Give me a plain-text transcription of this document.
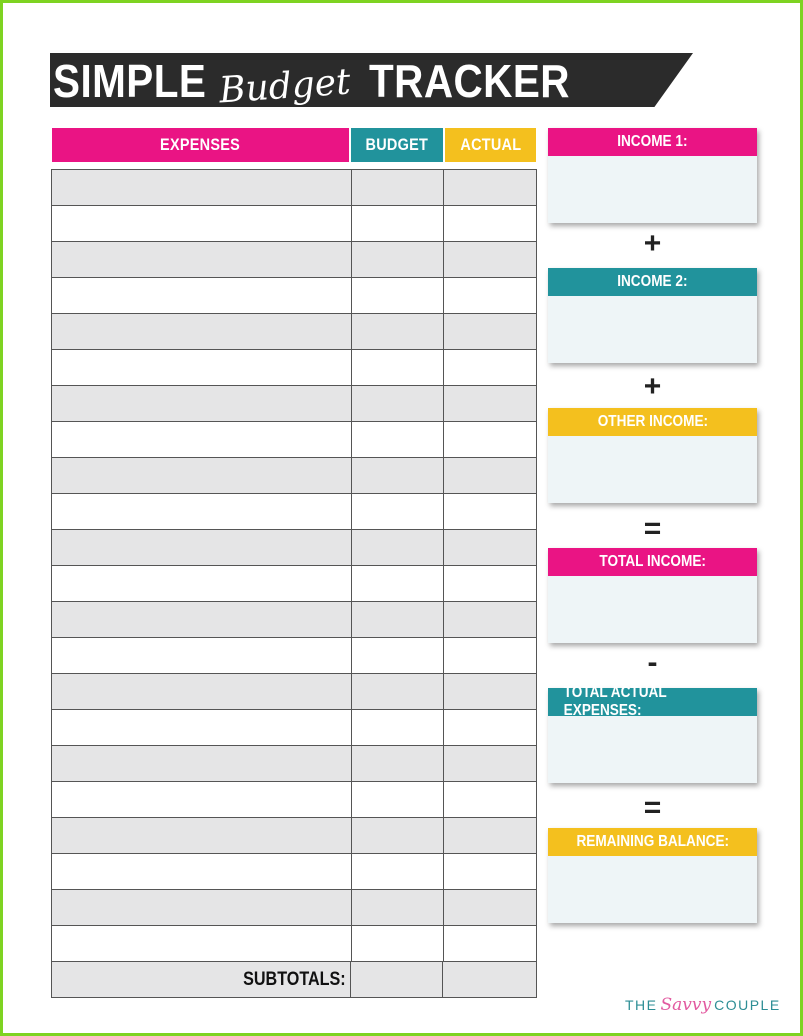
SIMPLE Budget TRACKER
EXPENSES	BUDGET ACTUAL
SUBTOTALS:
INCOME 1:
INCOME 2:
OTHER INCOME:
TOTAL INCOME:
TOTAL ACTUAL EXPENSES:
REMAINING BALANCE:
+
+
=
-
=
THE Savvy COUPLE
